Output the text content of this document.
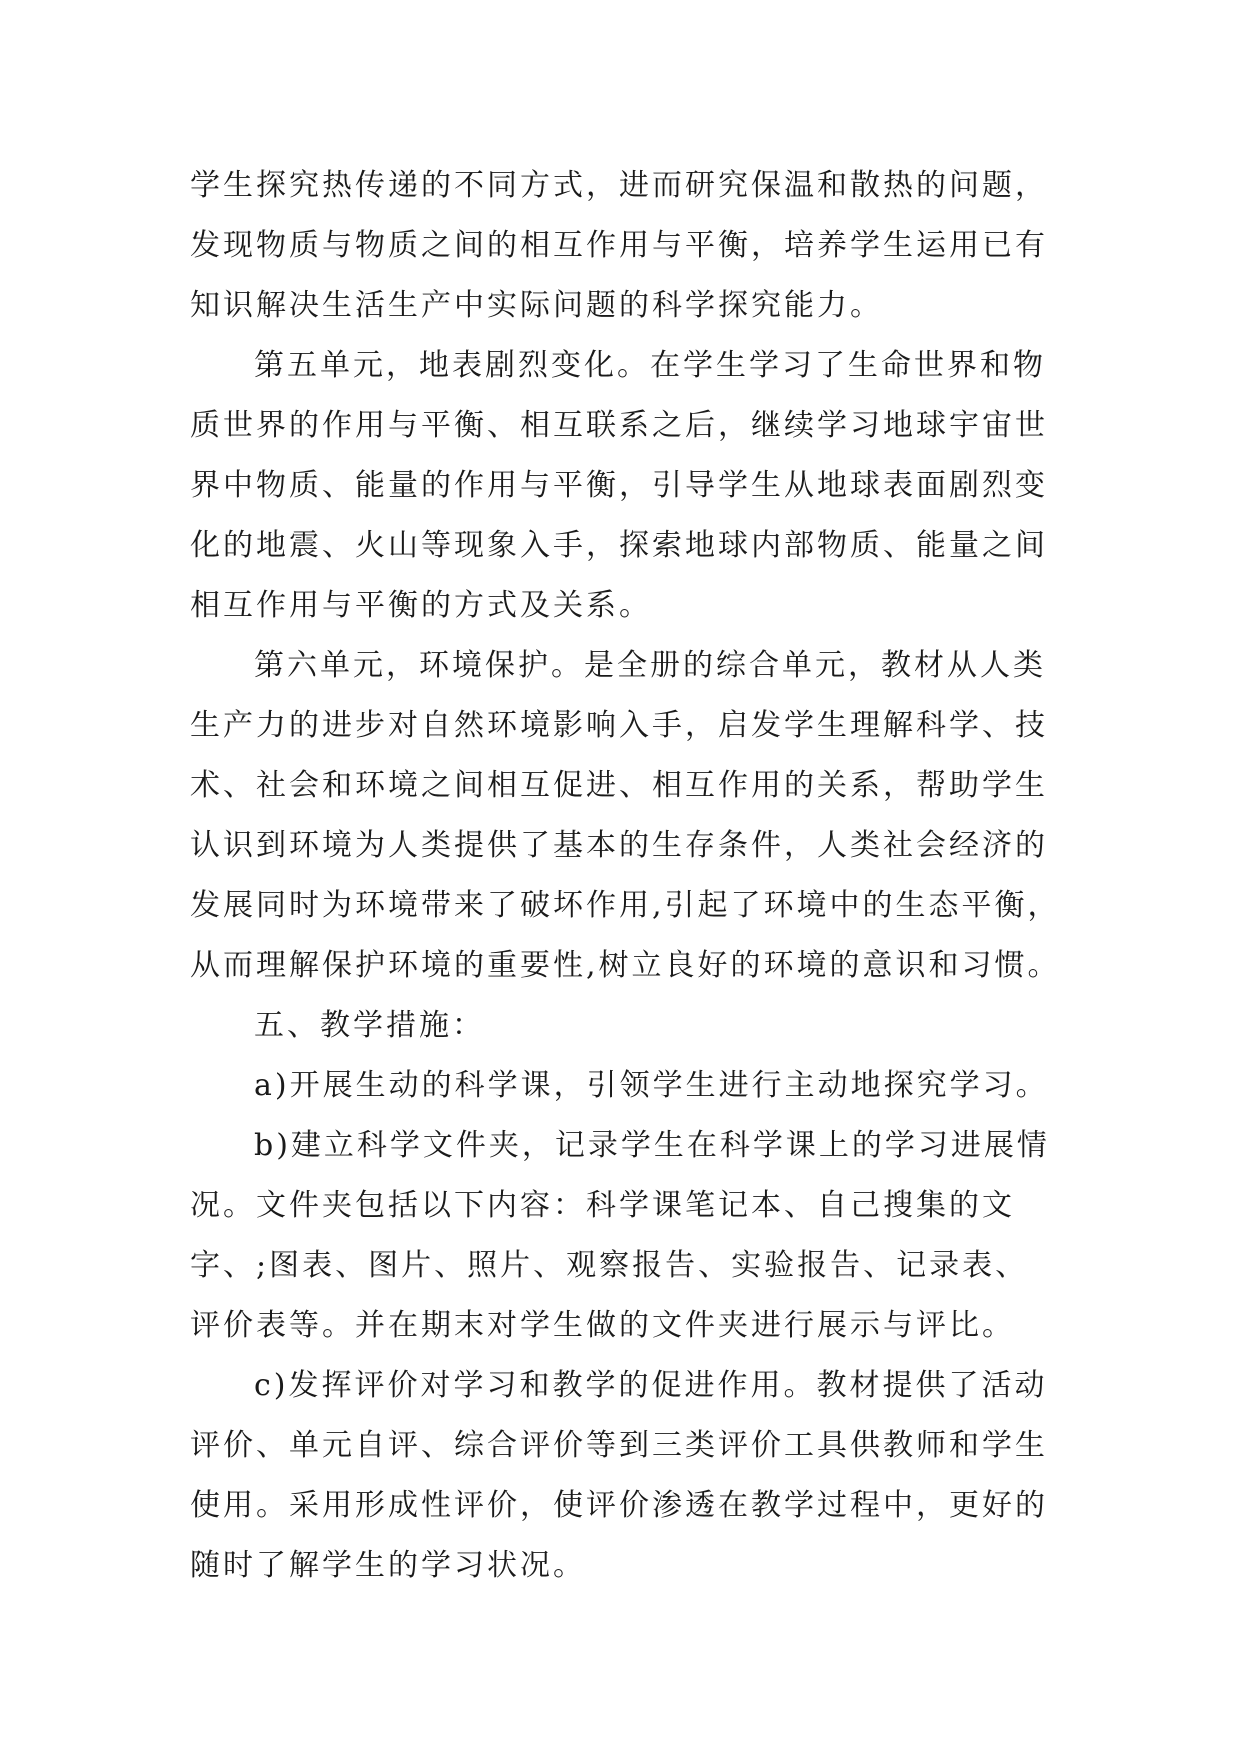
学生探究热传递的不同方式，进而研究保温和散热的问题，
发现物质与物质之间的相互作用与平衡，培养学生运用已有
知识解决生活生产中实际问题的科学探究能力。
第五单元，地表剧烈变化。在学生学习了生命世界和物
质世界的作用与平衡、相互联系之后，继续学习地球宇宙世
界中物质、能量的作用与平衡，引导学生从地球表面剧烈变
化的地震、火山等现象入手，探索地球内部物质、能量之间
相互作用与平衡的方式及关系。
第六单元，环境保护。是全册的综合单元，教材从人类
生产力的进步对自然环境影响入手，启发学生理解科学、技
术、社会和环境之间相互促进、相互作用的关系，帮助学生
认识到环境为人类提供了基本的生存条件，人类社会经济的
发展同时为环境带来了破坏作用,引起了环境中的生态平衡，
从而理解保护环境的重要性,树立良好的环境的意识和习惯。
五、教学措施：
a)开展生动的科学课，引领学生进行主动地探究学习。
b)建立科学文件夹，记录学生在科学课上的学习进展情
况。文件夹包括以下内容：科学课笔记本、自己搜集的文
字、;图表、图片、照片、观察报告、实验报告、记录表、
评价表等。并在期末对学生做的文件夹进行展示与评比。
c)发挥评价对学习和教学的促进作用。教材提供了活动
评价、单元自评、综合评价等到三类评价工具供教师和学生
使用。采用形成性评价，使评价渗透在教学过程中，更好的
随时了解学生的学习状况。
